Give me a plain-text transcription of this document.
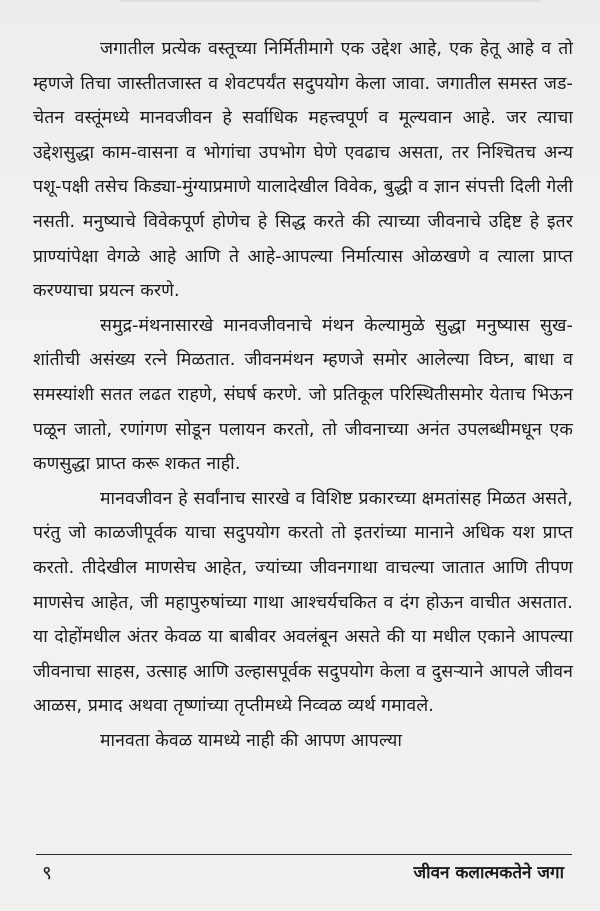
जगातील प्रत्येक वस्तूच्या निर्मितीमागे एक उद्देश आहे, एक हेतू आहे व तो म्हणजे तिचा जास्तीतजास्त व शेवटपर्यंत सदुपयोग केला जावा. जगातील समस्त जड-चेतन वस्तूंमध्ये मानवजीवन हे सर्वाधिक महत्त्वपूर्ण व मूल्यवान आहे. जर त्याचा उद्देशसुद्धा काम-वासना व भोगांचा उपभोग घेणे एवढाच असता, तर निश्चितच अन्य पशू-पक्षी तसेच किड्या-मुंग्याप्रमाणे यालादेखील विवेक, बुद्धी व ज्ञान संपत्ती दिली गेली नसती. मनुष्याचे विवेकपूर्ण होणेच हे सिद्ध करते की त्याच्या जीवनाचे उद्दिष्ट हे इतर प्राण्यांपेक्षा वेगळे आहे आणि ते आहे-आपल्या निर्मात्यास ओळखणे व त्याला प्राप्त करण्याचा प्रयत्न करणे.

समुद्र-मंथनासारखे मानवजीवनाचे मंथन केल्यामुळे सुद्धा मनुष्यास सुख-शांतीची असंख्य रत्ने मिळतात. जीवनमंथन म्हणजे समोर आलेल्या विघ्न, बाधा व समस्यांशी सतत लढत राहणे, संघर्ष करणे. जो प्रतिकूल परिस्थितीसमोर येताच भिऊन पळून जातो, रणांगण सोडून पलायन करतो, तो जीवनाच्या अनंत उपलब्धीमधून एक कणसुद्धा प्राप्त करू शकत नाही.

मानवजीवन हे सर्वांनाच सारखे व विशिष्ट प्रकारच्या क्षमतांसह मिळत असते, परंतु जो काळजीपूर्वक याचा सदुपयोग करतो तो इतरांच्या मानाने अधिक यश प्राप्त करतो. तीदेखील माणसेच आहेत, ज्यांच्या जीवनगाथा वाचल्या जातात आणि तीपण माणसेच आहेत, जी महापुरुषांच्या गाथा आश्चर्यचकित व दंग होऊन वाचीत असतात. या दोहोंमधील अंतर केवळ या बाबीवर अवलंबून असते की या मधील एकाने आपल्या जीवनाचा साहस, उत्साह आणि उल्हासपूर्वक सदुपयोग केला व दुसऱ्याने आपले जीवन आळस, प्रमाद अथवा तृष्णांच्या तृप्तीमध्ये निव्वळ व्यर्थ गमावले.

मानवता केवळ यामध्ये नाही की आपण आपल्या

९	जीवन कलात्मकतेने जगा
